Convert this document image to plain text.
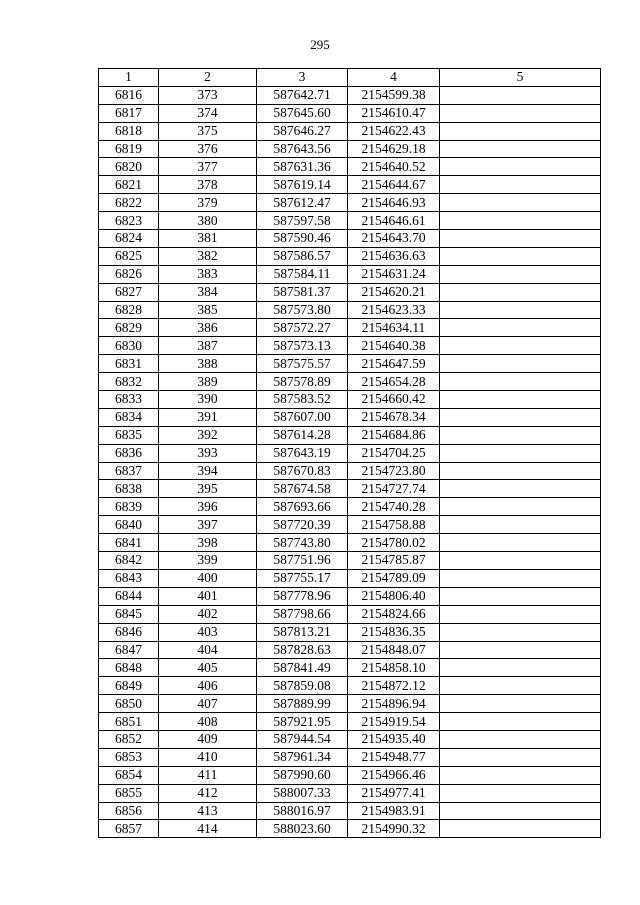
295
1	2	3	4	5
6816	373	587642.71	2154599.38	
6817	374	587645.60	2154610.47	
6818	375	587646.27	2154622.43	
6819	376	587643.56	2154629.18	
6820	377	587631.36	2154640.52	
6821	378	587619.14	2154644.67	
6822	379	587612.47	2154646.93	
6823	380	587597.58	2154646.61	
6824	381	587590.46	2154643.70	
6825	382	587586.57	2154636.63	
6826	383	587584.11	2154631.24	
6827	384	587581.37	2154620.21	
6828	385	587573.80	2154623.33	
6829	386	587572.27	2154634.11	
6830	387	587573.13	2154640.38	
6831	388	587575.57	2154647.59	
6832	389	587578.89	2154654.28	
6833	390	587583.52	2154660.42	
6834	391	587607.00	2154678.34	
6835	392	587614.28	2154684.86	
6836	393	587643.19	2154704.25	
6837	394	587670.83	2154723.80	
6838	395	587674.58	2154727.74	
6839	396	587693.66	2154740.28	
6840	397	587720.39	2154758.88	
6841	398	587743.80	2154780.02	
6842	399	587751.96	2154785.87	
6843	400	587755.17	2154789.09	
6844	401	587778.96	2154806.40	
6845	402	587798.66	2154824.66	
6846	403	587813.21	2154836.35	
6847	404	587828.63	2154848.07	
6848	405	587841.49	2154858.10	
6849	406	587859.08	2154872.12	
6850	407	587889.99	2154896.94	
6851	408	587921.95	2154919.54	
6852	409	587944.54	2154935.40	
6853	410	587961.34	2154948.77	
6854	411	587990.60	2154966.46	
6855	412	588007.33	2154977.41	
6856	413	588016.97	2154983.91	
6857	414	588023.60	2154990.32	
